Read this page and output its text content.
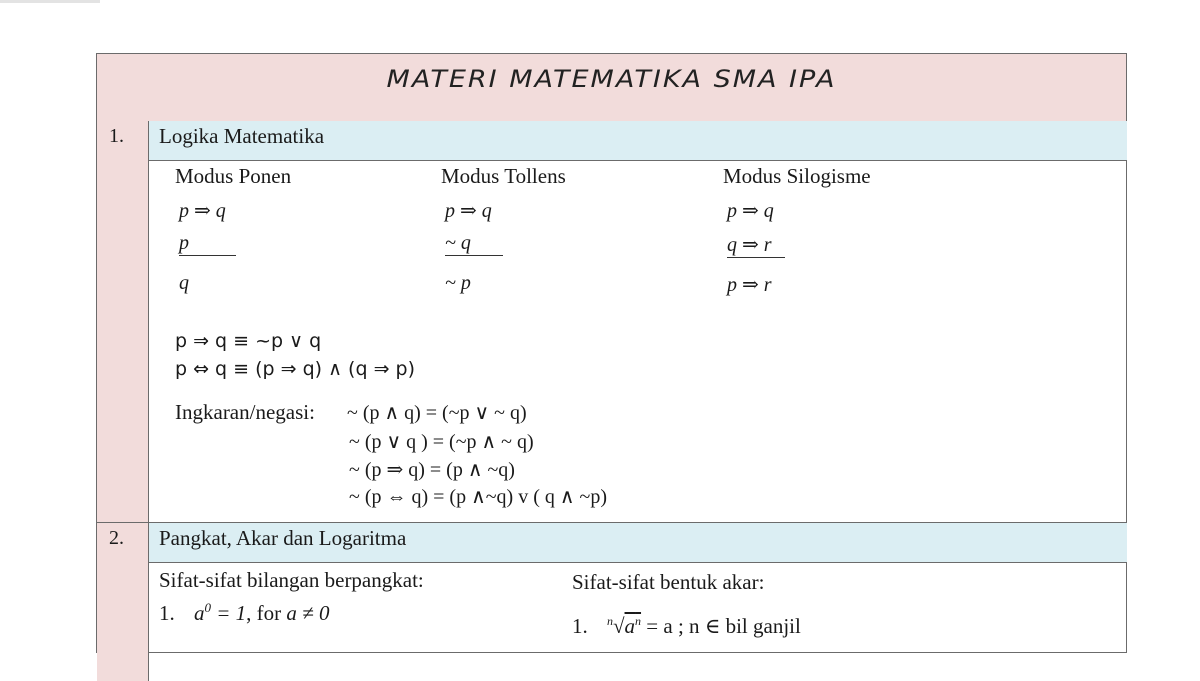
MATERI MATEMATIKA SMA IPA
1.	Logika Matematika
Modus Ponen
p ⇒ q
p
q
Modus Tollens
p ⇒ q
~ q
~ p
Modus Silogisme
p ⇒ q
q ⇒ r
p ⇒ r
p ⇒ q ≡ ~p ∨ q
p ⇔ q ≡ (p ⇒ q) ∧ (q ⇒ p)
Ingkaran/negasi: ~ (p ∧ q) = (~p ∨ ~ q)
~ (p ∨ q ) = (~p ∧ ~ q)
~ (p ⇒ q) = (p ∧ ~q)
~ (p ⇔ q) = (p ∧~q) v ( q ∧ ~p)
2.	Pangkat, Akar dan Logaritma
Sifat-sifat bilangan berpangkat:
1. $a^0 = 1$, for a ≠ 0
Sifat-sifat bentuk akar:
1. $^n√a^n = a$ ; n ∈ bil ganjil
